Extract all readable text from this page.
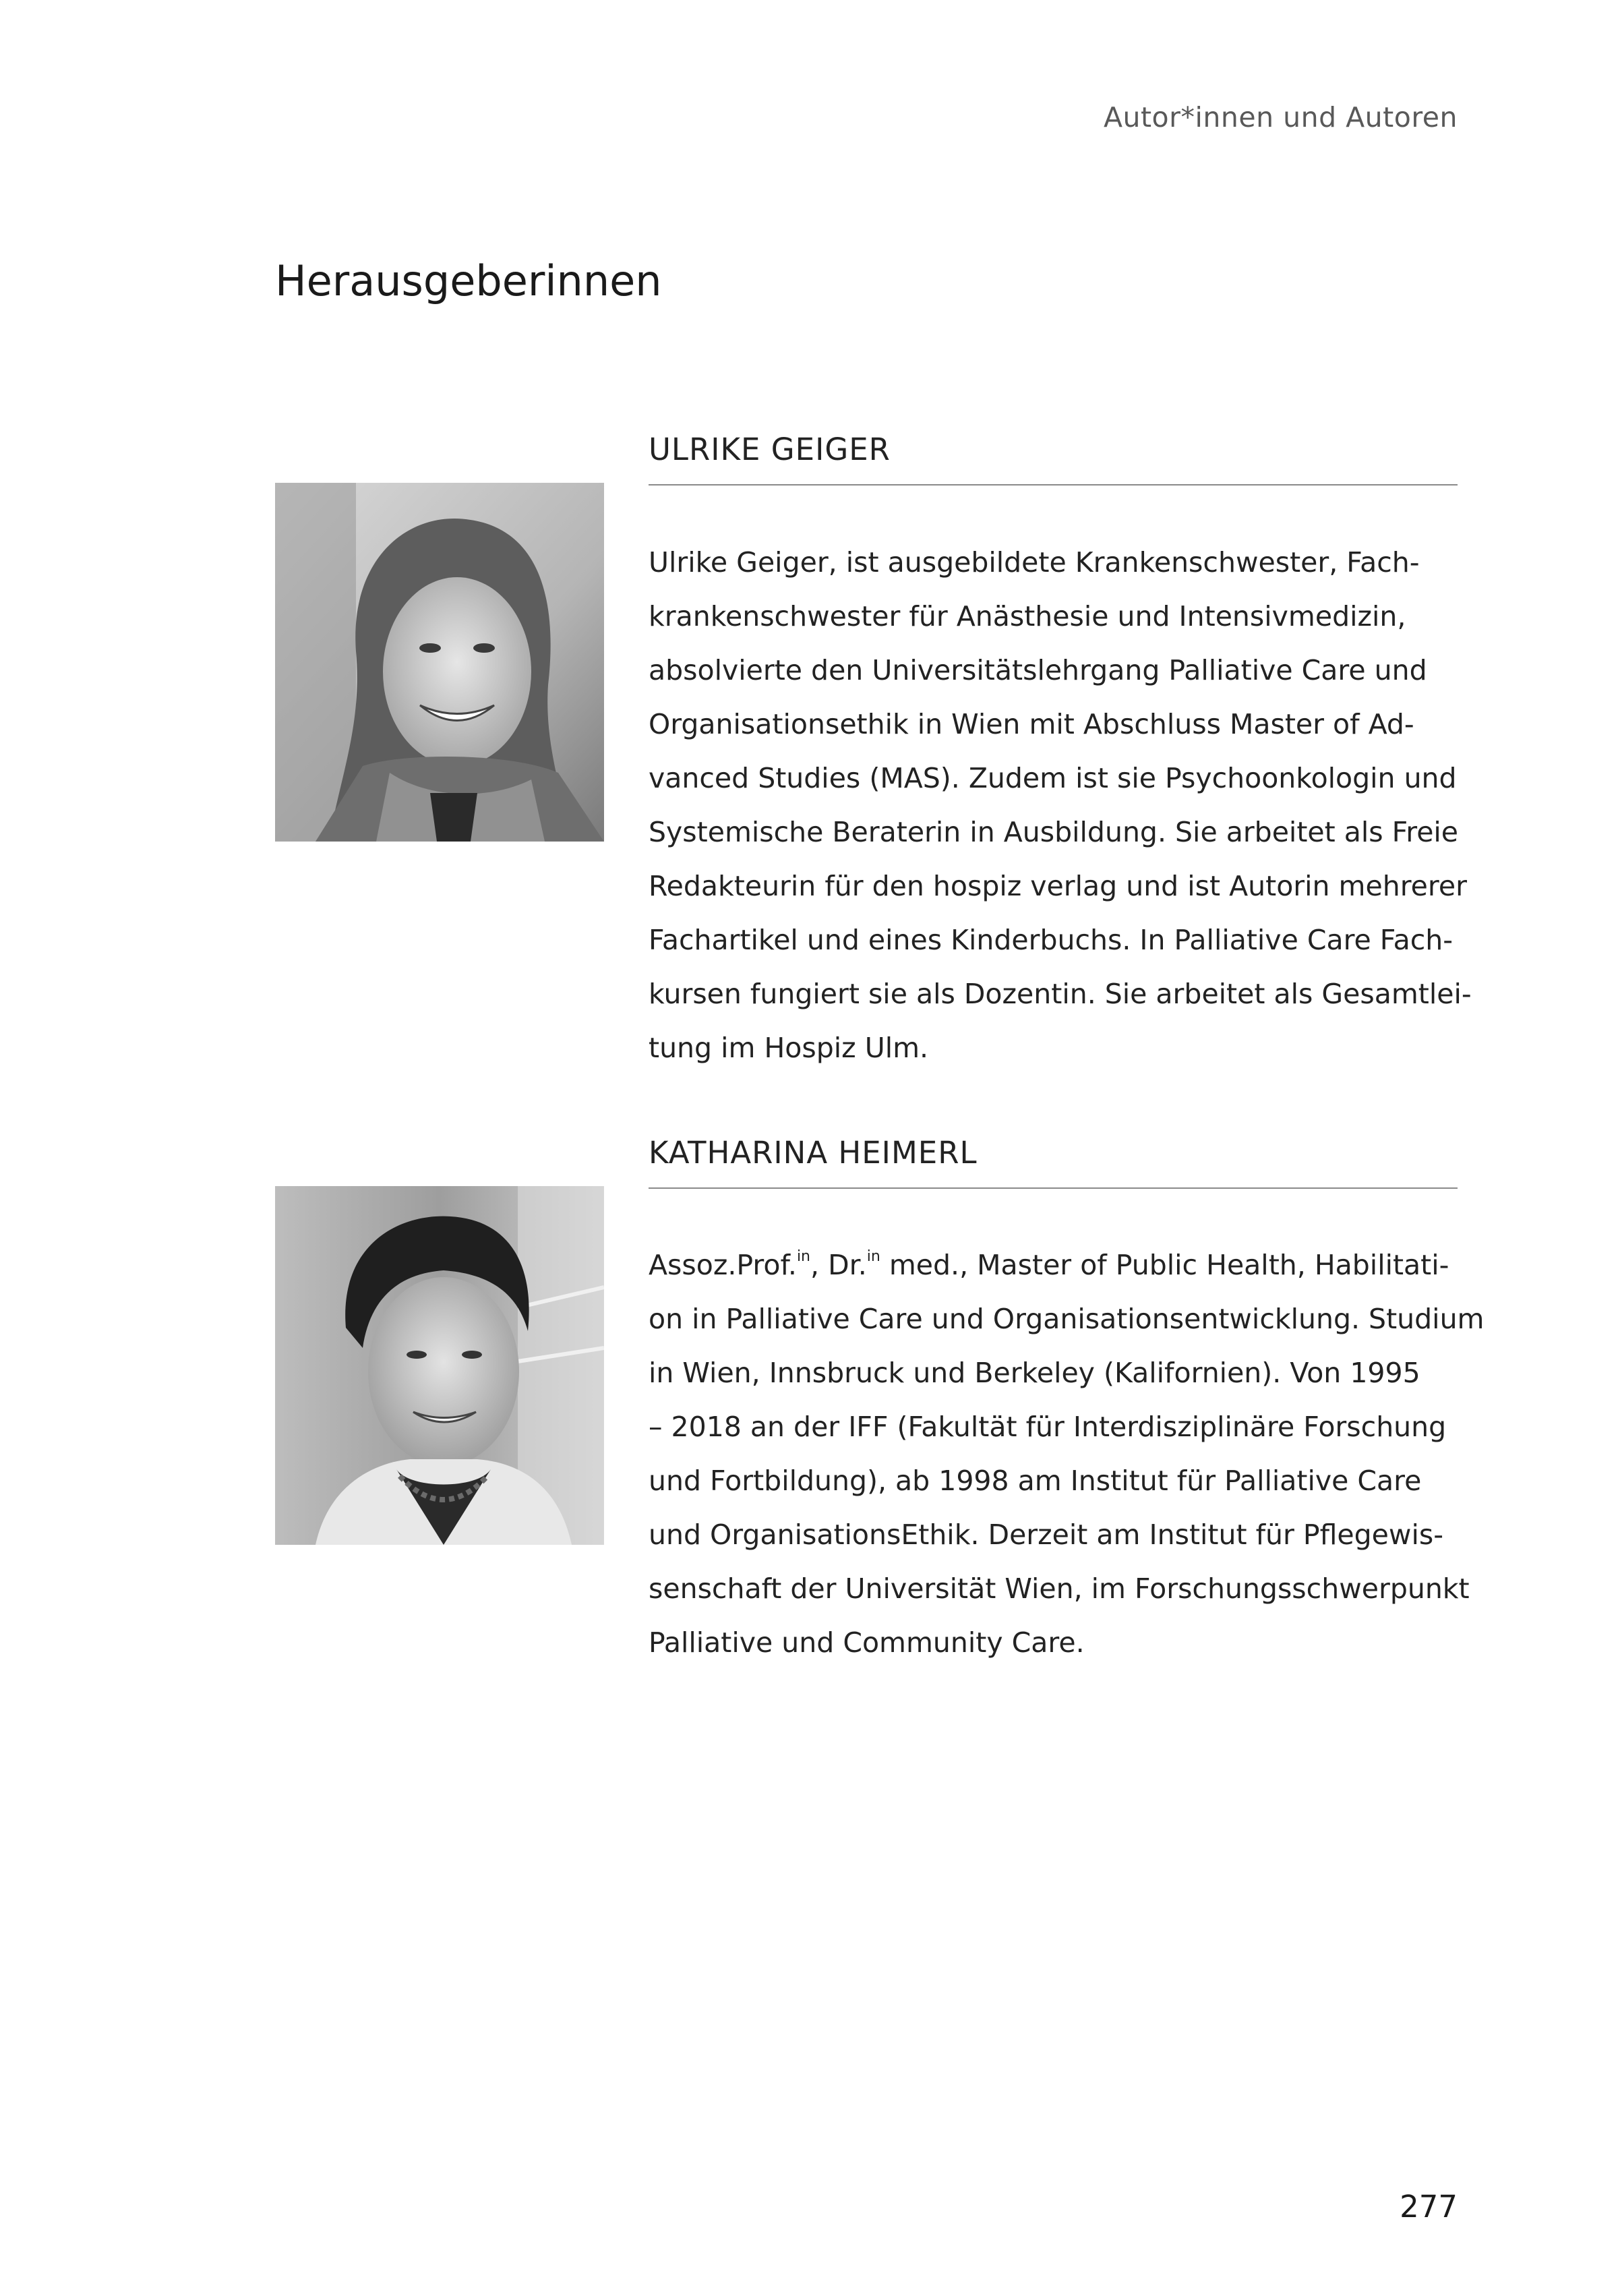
Autor*innen und Autoren
Herausgeberinnen
ULRIKE GEIGER
Ulrike Geiger, ist ausgebildete Krankenschwester, Fach-
krankenschwester für Anästhesie und Intensivmedizin,
absolvierte den Universitätslehrgang Palliative Care und
Organisationsethik in Wien mit Abschluss Master of Ad-
vanced Studies (MAS). Zudem ist sie Psychoonkologin und
Systemische Beraterin in Ausbildung. Sie arbeitet als Freie
Redakteurin für den hospiz verlag und ist Autorin mehrerer
Fachartikel und eines Kinderbuchs. In Palliative Care Fach-
kursen fungiert sie als Dozentin. Sie arbeitet als Gesamtlei-
tung im Hospiz Ulm.
KATHARINA HEIMERL
Assoz.Prof.$^{in}$, Dr.$^{in}$ med., Master of Public Health, Habilitati-
on in Palliative Care und Organisationsentwicklung. Studium
in Wien, Innsbruck und Berkeley (Kalifornien). Von 1995
– 2018 an der IFF (Fakultät für Interdisziplinäre Forschung
und Fortbildung), ab 1998 am Institut für Palliative Care
und OrganisationsEthik. Derzeit am Institut für Pflegewis-
senschaft der Universität Wien, im Forschungsschwerpunkt
Palliative und Community Care.
277
